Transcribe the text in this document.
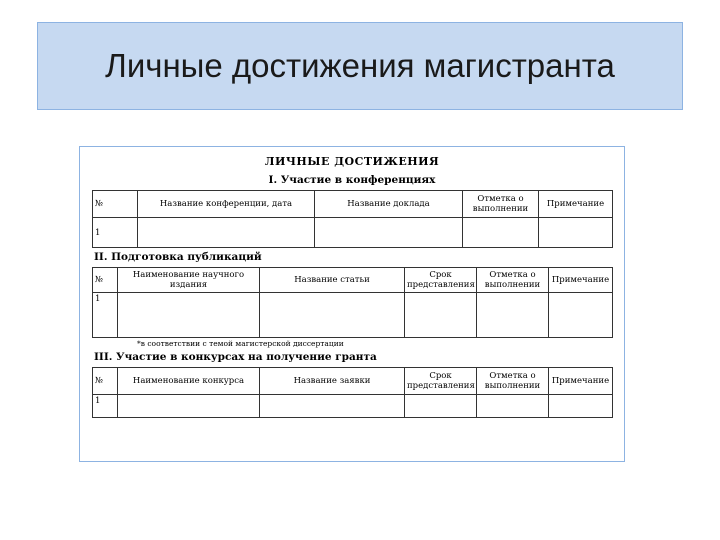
Личные достижения магистранта
ЛИЧНЫЕ ДОСТИЖЕНИЯ
I. Участие в конференциях
№	Название конференции, дата	Название доклада	Отметка о выполнении	Примечание
1				
II. Подготовка публикаций
№	Наименование научного издания	Название статьи	Срок представления	Отметка о выполнении	Примечание
1					
*в соответствии с темой магистерской диссертации
III. Участие в конкурсах на получение гранта
№	Наименование конкурса	Название заявки	Срок представления	Отметка о выполнении	Примечание
1					
